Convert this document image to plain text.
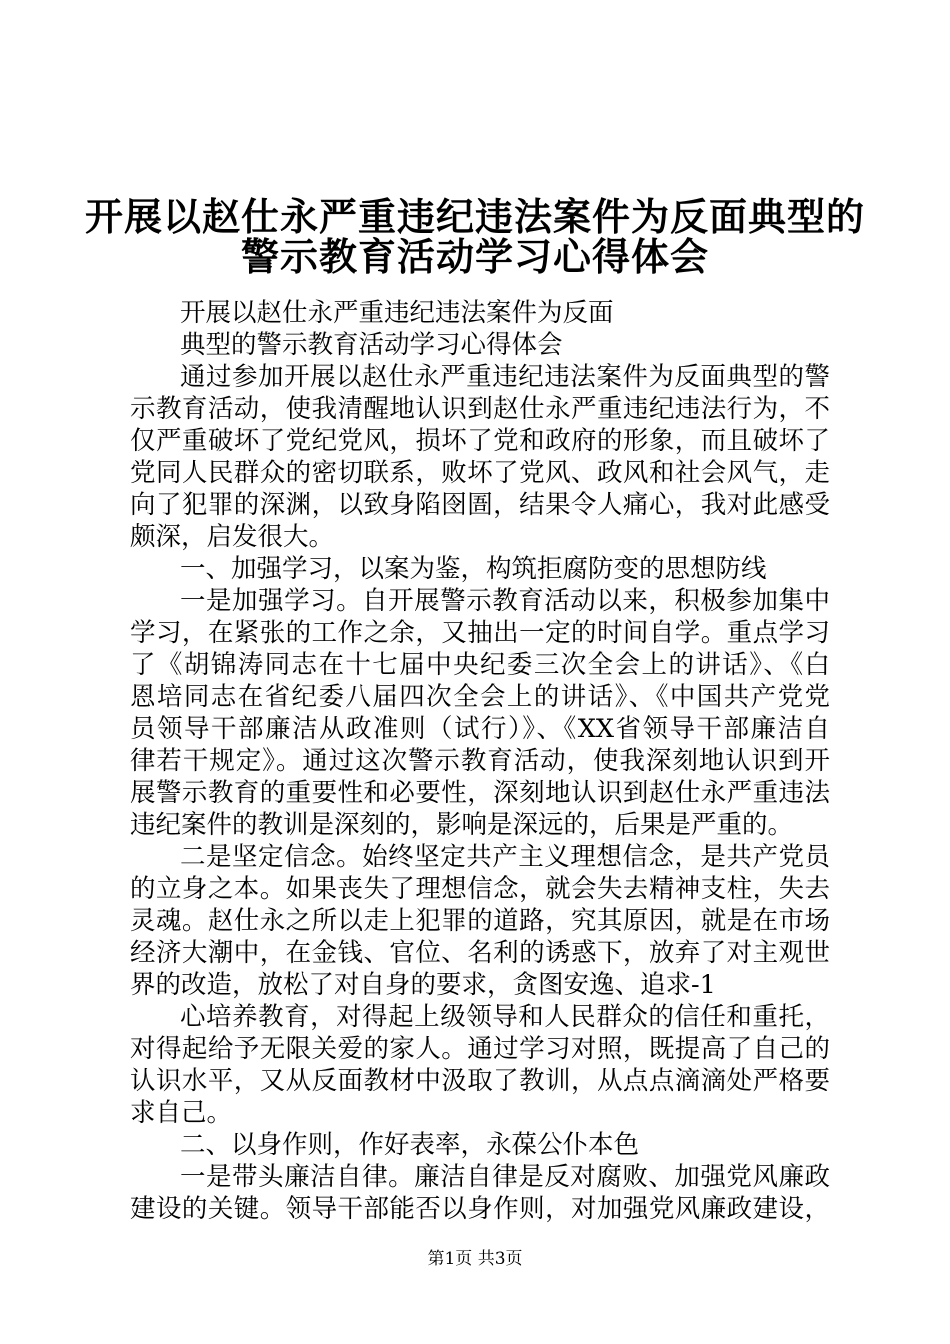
开展以赵仕永严重违纪违法案件为反面典型的
警示教育活动学习心得体会
开展以赵仕永严重违纪违法案件为反面
典型的警示教育活动学习心得体会
通过参加开展以赵仕永严重违纪违法案件为反面典型的警
示教育活动，使我清醒地认识到赵仕永严重违纪违法行为，不
仅严重破坏了党纪党风，损坏了党和政府的形象，而且破坏了
党同人民群众的密切联系，败坏了党风、政风和社会风气，走
向了犯罪的深渊，以致身陷囹圄，结果令人痛心，我对此感受
颇深，启发很大。
一、加强学习，以案为鉴，构筑拒腐防变的思想防线
一是加强学习。自开展警示教育活动以来，积极参加集中
学习，在紧张的工作之余，又抽出一定的时间自学。重点学习
了《胡锦涛同志在十七届中央纪委三次全会上的讲话》、《白
恩培同志在省纪委八届四次全会上的讲话》、《中国共产党党
员领导干部廉洁从政准则（试行）》、《XX省领导干部廉洁自
律若干规定》。通过这次警示教育活动，使我深刻地认识到开
展警示教育的重要性和必要性，深刻地认识到赵仕永严重违法
违纪案件的教训是深刻的，影响是深远的，后果是严重的。
二是坚定信念。始终坚定共产主义理想信念，是共产党员
的立身之本。如果丧失了理想信念，就会失去精神支柱，失去
灵魂。赵仕永之所以走上犯罪的道路，究其原因，就是在市场
经济大潮中，在金钱、官位、名利的诱惑下，放弃了对主观世
界的改造，放松了对自身的要求，贪图安逸、追求-1
心培养教育，对得起上级领导和人民群众的信任和重托，
对得起给予无限关爱的家人。通过学习对照，既提高了自己的
认识水平，又从反面教材中汲取了教训，从点点滴滴处严格要
求自己。
二、以身作则，作好表率，永葆公仆本色
一是带头廉洁自律。廉洁自律是反对腐败、加强党风廉政
建设的关键。领导干部能否以身作则，对加强党风廉政建设，
第1页 共3页
